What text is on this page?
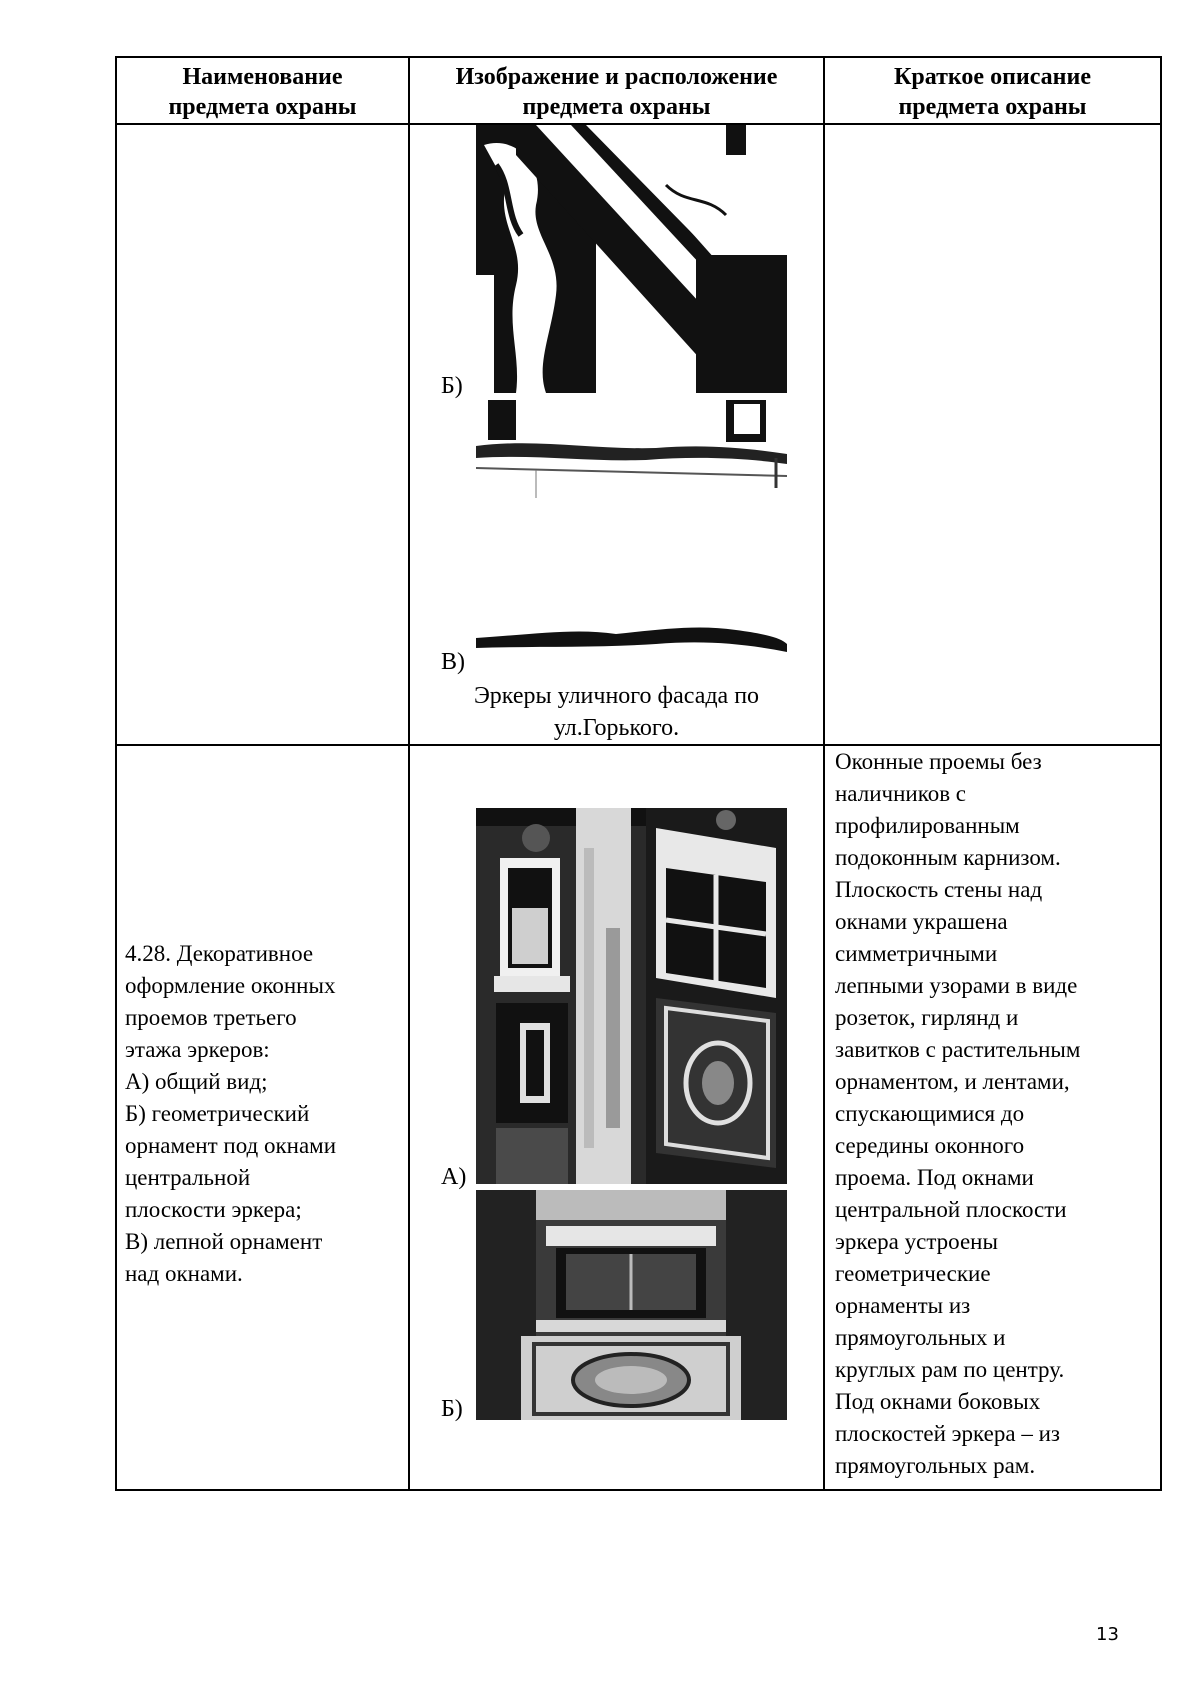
Наименование
предмета охраны
Изображение и расположение
предмета охраны
Краткое описание
предмета охраны
Б)
В)
Эркеры уличного фасада по
ул.Горького.
4.28. Декоративное
оформление оконных
проемов третьего
этажа эркеров:
А) общий вид;
Б) геометрический
орнамент под окнами
центральной
плоскости эркера;
В) лепной орнамент
над окнами.
А)
Б)
Оконные проемы без
наличников с
профилированным
подоконным карнизом.
Плоскость стены над
окнами украшена
симметричными
лепными узорами в виде
розеток, гирлянд и
завитков с растительным
орнаментом, и лентами,
спускающимися до
середины оконного
проема. Под окнами
центральной плоскости
эркера устроены
геометрические
орнаменты из
прямоугольных и
круглых рам по центру.
Под окнами боковых
плоскостей эркера – из
прямоугольных рам.
13
